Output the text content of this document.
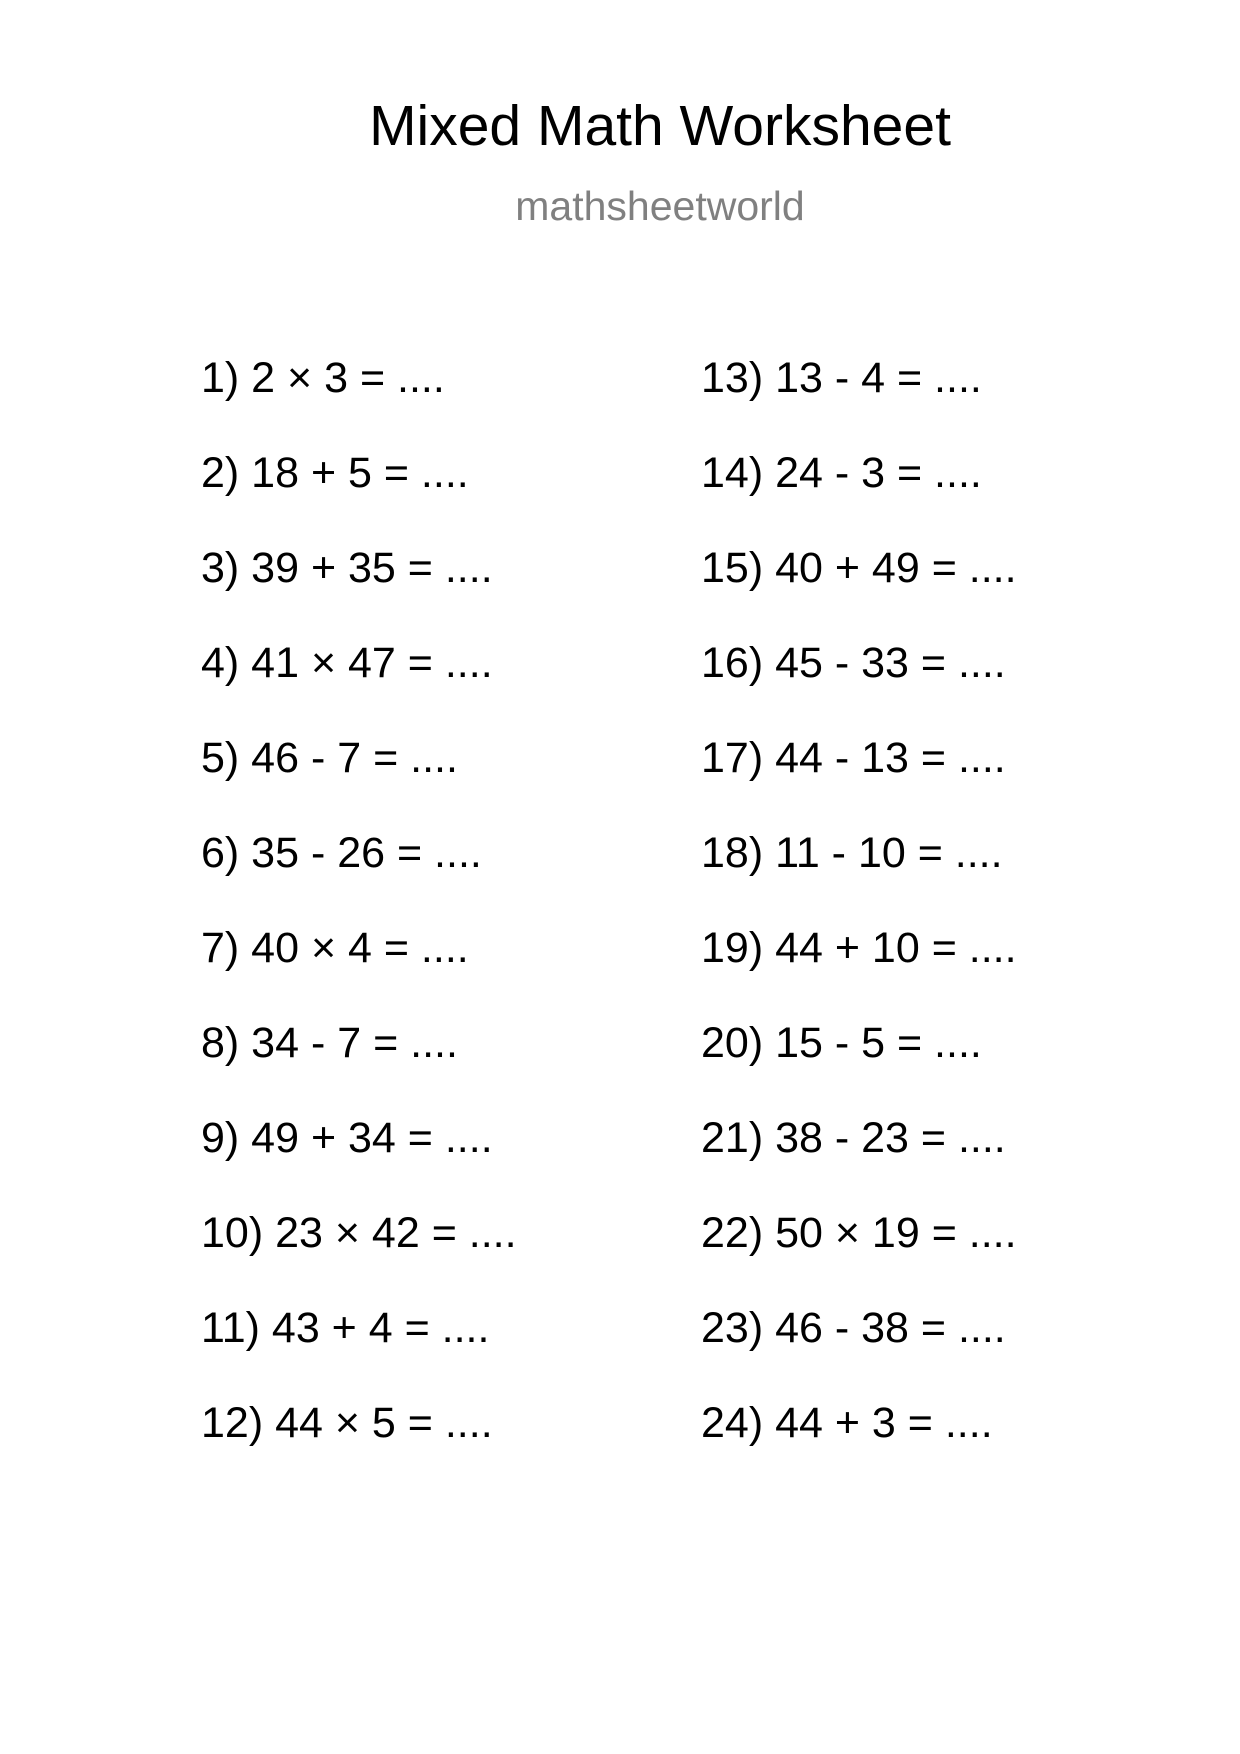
Mixed Math Worksheet
mathsheetworld
1) 2 × 3 = ....
2) 18 + 5 = ....
3) 39 + 35 = ....
4) 41 × 47 = ....
5) 46 - 7 = ....
6) 35 - 26 = ....
7) 40 × 4 = ....
8) 34 - 7 = ....
9) 49 + 34 = ....
10) 23 × 42 = ....
11) 43 + 4 = ....
12) 44 × 5 = ....
13) 13 - 4 = ....
14) 24 - 3 = ....
15) 40 + 49 = ....
16) 45 - 33 = ....
17) 44 - 13 = ....
18) 11 - 10 = ....
19) 44 + 10 = ....
20) 15 - 5 = ....
21) 38 - 23 = ....
22) 50 × 19 = ....
23) 46 - 38 = ....
24) 44 + 3 = ....
